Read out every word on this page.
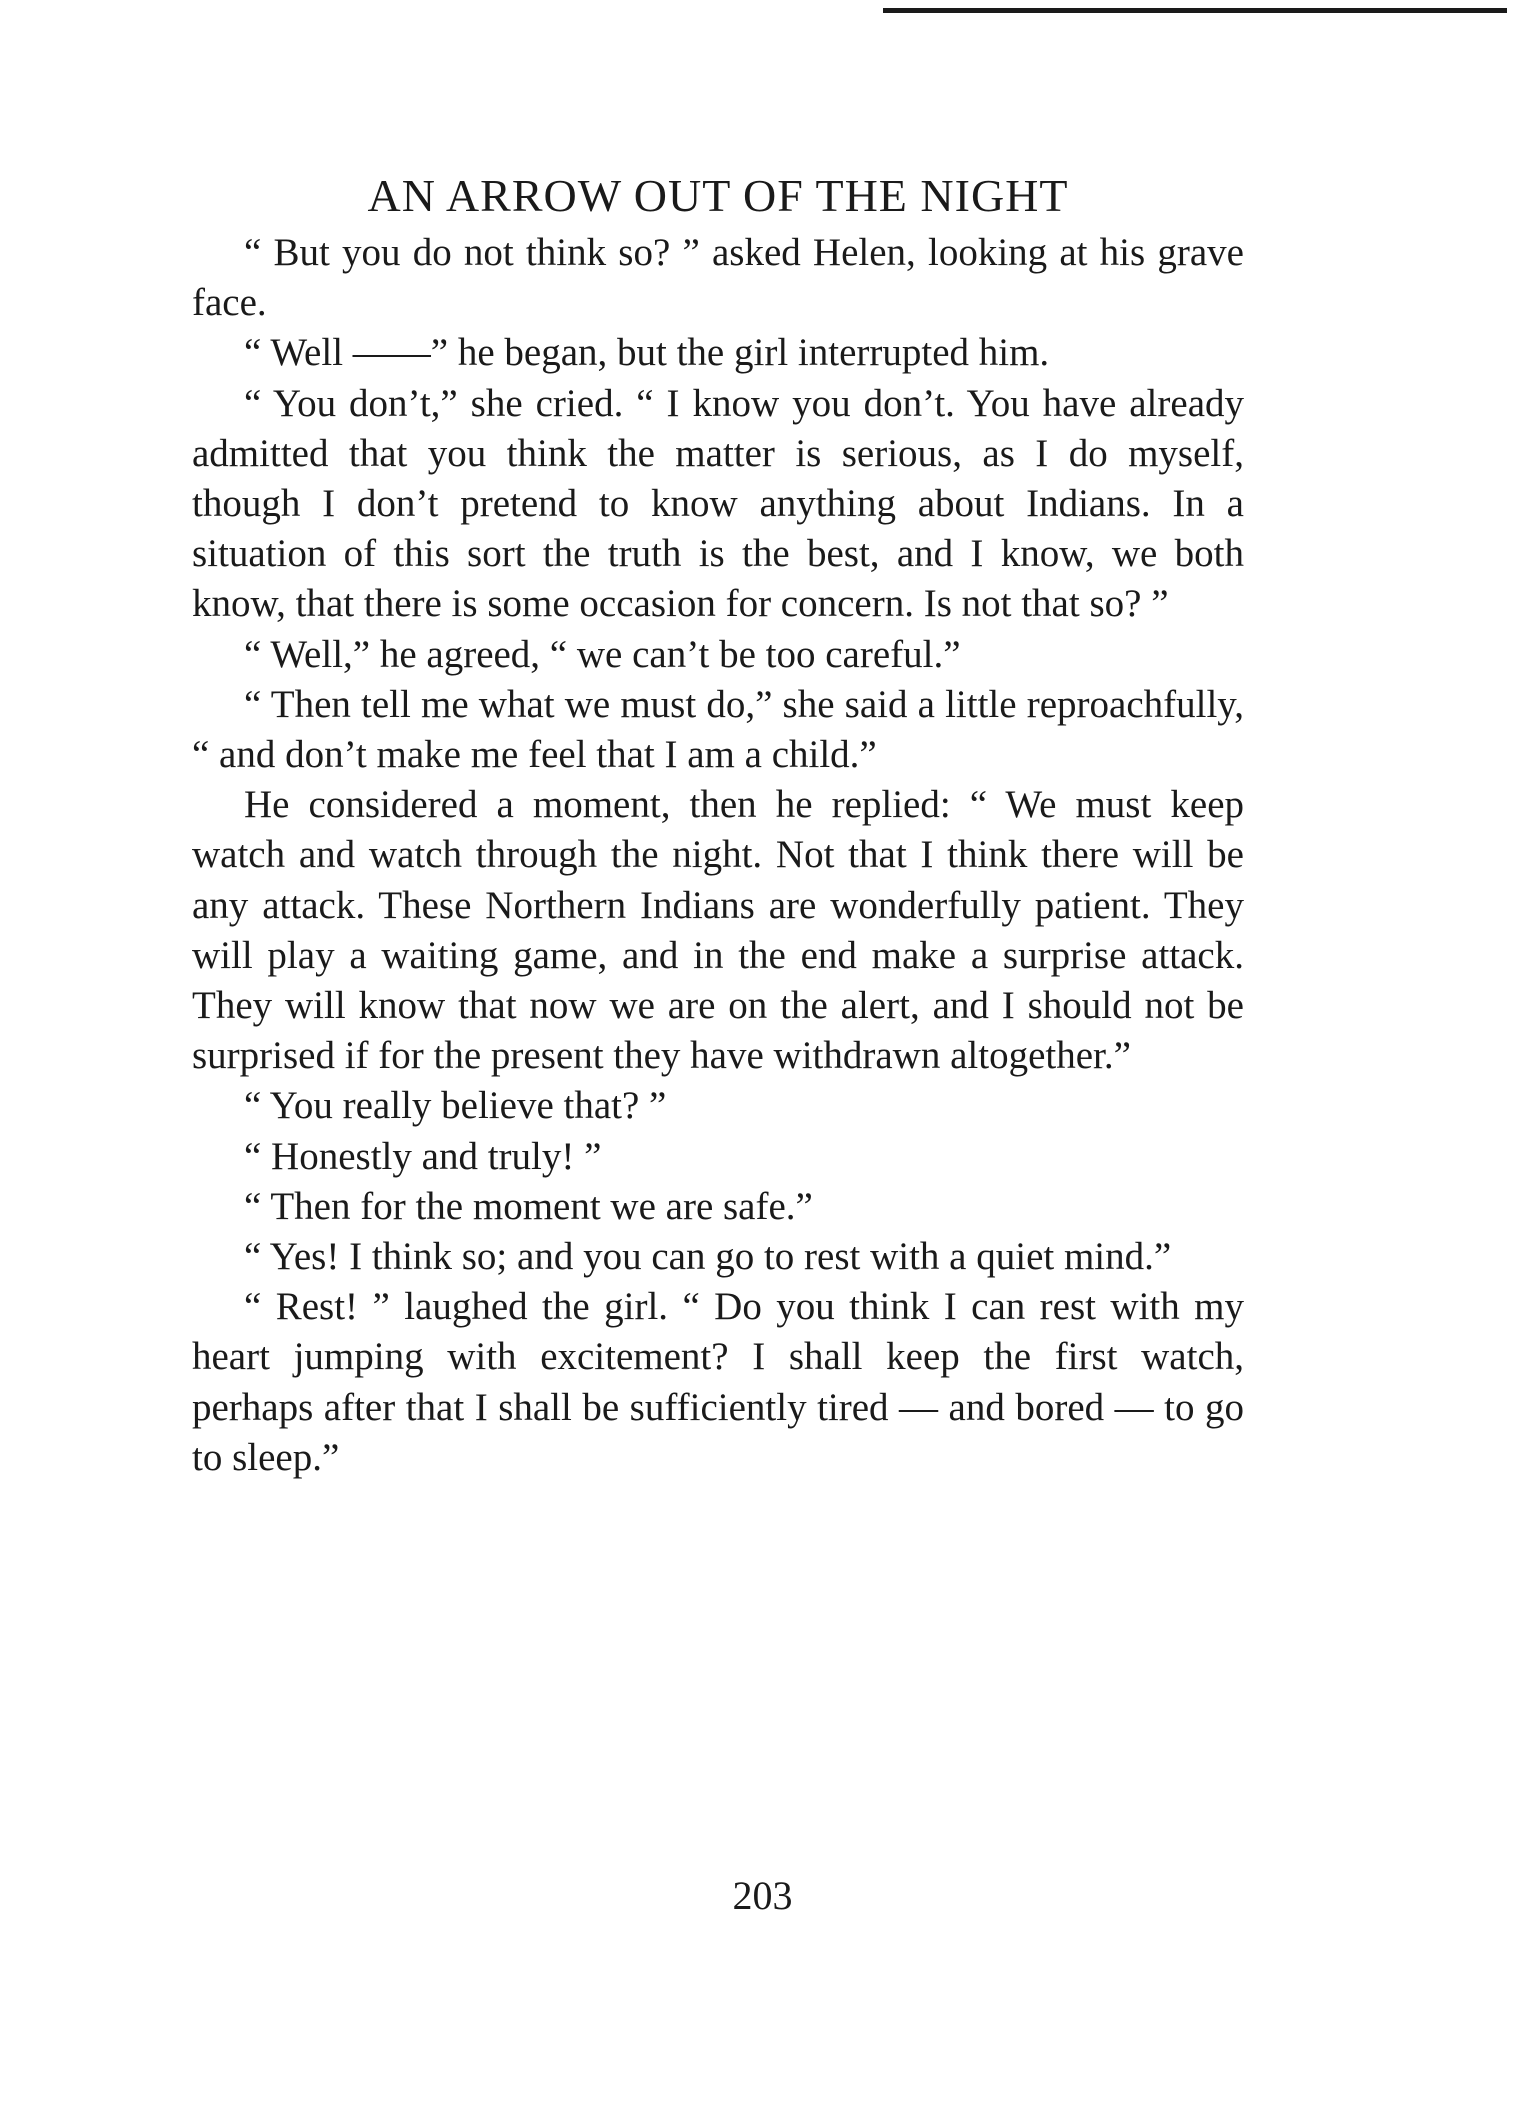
AN ARROW OUT OF THE NIGHT

“ But you do not think so? ” asked Helen, looking at his grave face.

“ Well ——” he began, but the girl interrupted him.

“ You don’t,” she cried. “ I know you don’t. You have already admitted that you think the matter is serious, as I do myself, though I don’t pretend to know anything about Indians. In a situation of this sort the truth is the best, and I know, we both know, that there is some occasion for concern. Is not that so? ”

“ Well,” he agreed, “ we can’t be too careful.”

“ Then tell me what we must do,” she said a little reproachfully, “ and don’t make me feel that I am a child.”

He considered a moment, then he replied: “ We must keep watch and watch through the night. Not that I think there will be any attack. These Northern Indians are wonderfully patient. They will play a waiting game, and in the end make a surprise attack. They will know that now we are on the alert, and I should not be surprised if for the present they have withdrawn altogether.”

“ You really believe that? ”

“ Honestly and truly! ”

“ Then for the moment we are safe.”

“ Yes! I think so; and you can go to rest with a quiet mind.”

“ Rest! ” laughed the girl. “ Do you think I can rest with my heart jumping with excitement? I shall keep the first watch, perhaps after that I shall be sufficiently tired — and bored — to go to sleep.”

203
